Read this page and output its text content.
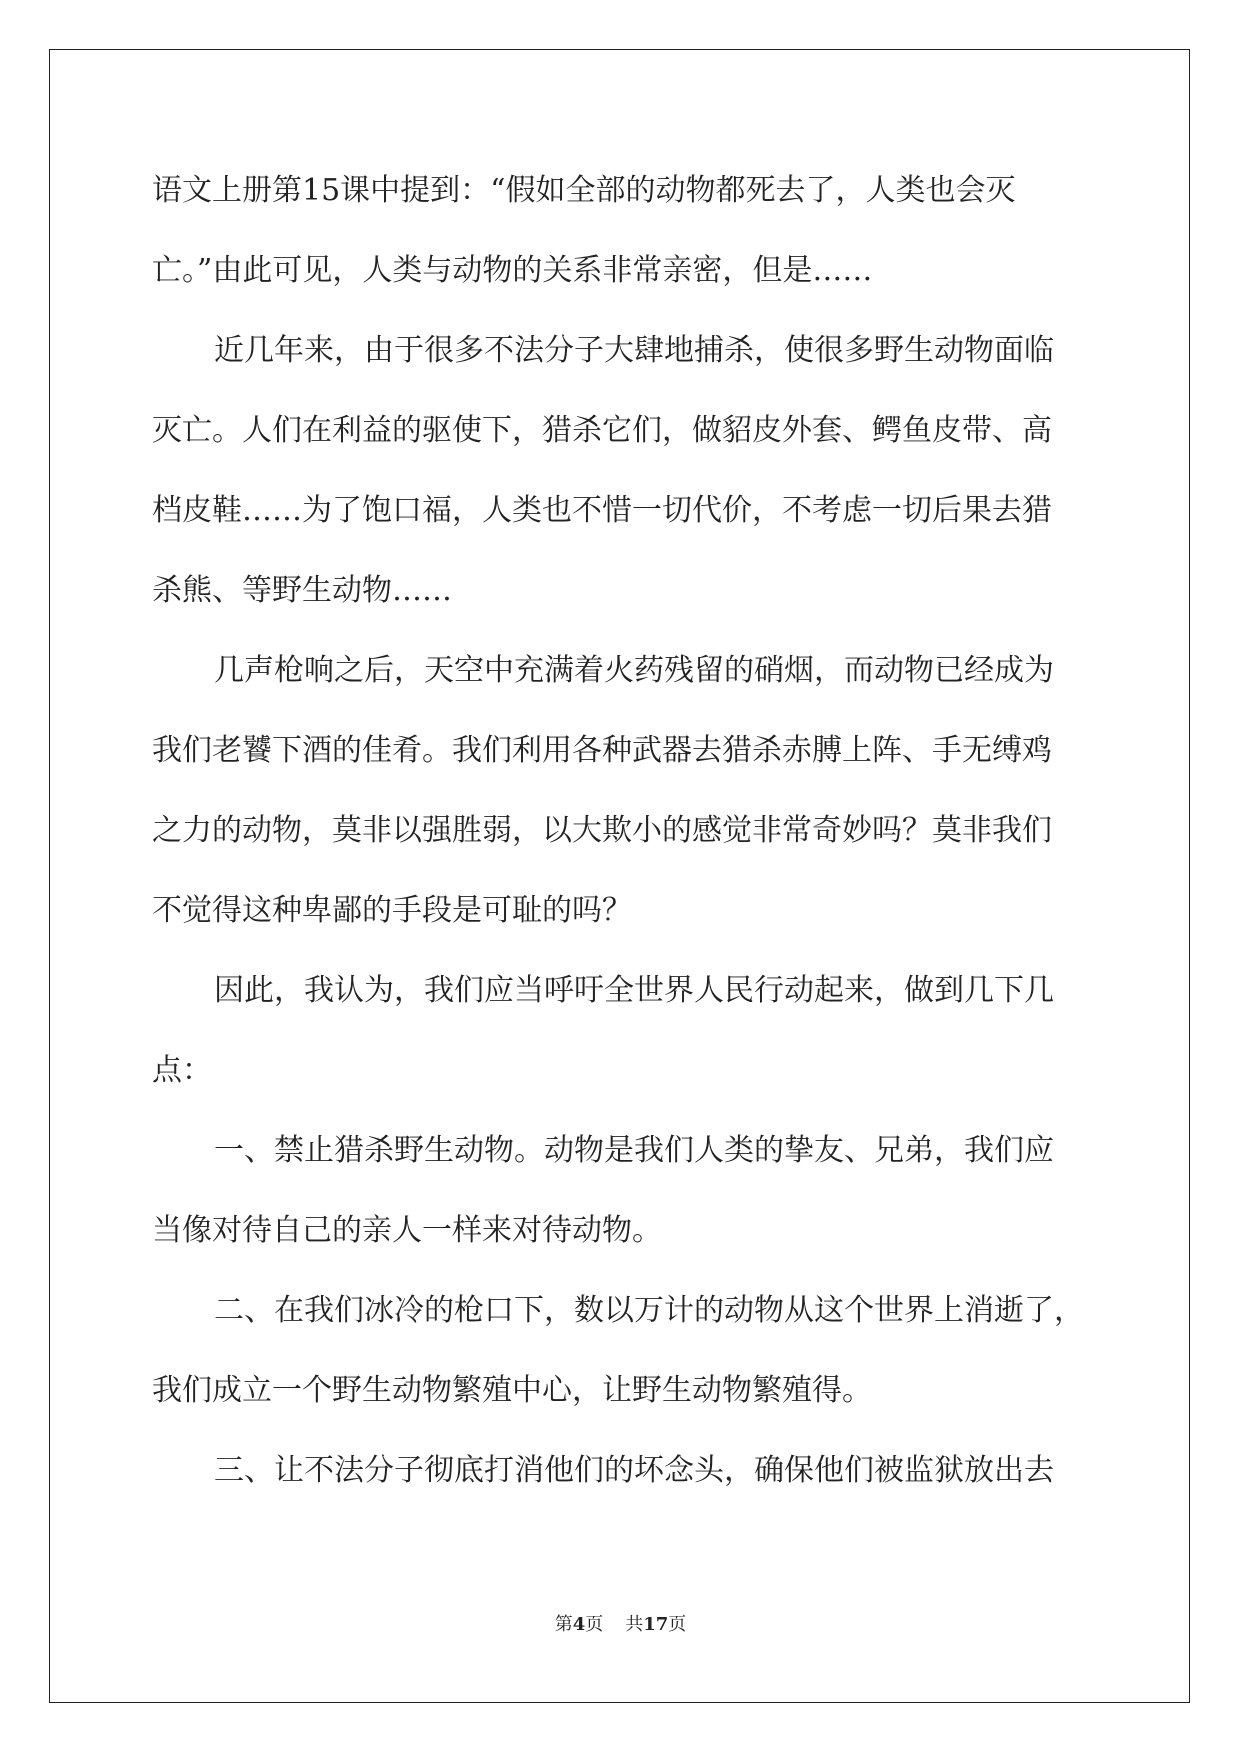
语文上册第15课中提到：“假如全部的动物都死去了，人类也会灭
亡。”由此可见，人类与动物的关系非常亲密，但是……
近几年来，由于很多不法分子大肆地捕杀，使很多野生动物面临
灭亡。人们在利益的驱使下，猎杀它们，做貂皮外套、鳄鱼皮带、高
档皮鞋……为了饱口福，人类也不惜一切代价，不考虑一切后果去猎
杀熊、等野生动物……
几声枪响之后，天空中充满着火药残留的硝烟，而动物已经成为
我们老饕下酒的佳肴。我们利用各种武器去猎杀赤膊上阵、手无缚鸡
之力的动物，莫非以强胜弱，以大欺小的感觉非常奇妙吗？莫非我们
不觉得这种卑鄙的手段是可耻的吗？
因此，我认为，我们应当呼吁全世界人民行动起来，做到几下几
点：
一、禁止猎杀野生动物。动物是我们人类的挚友、兄弟，我们应
当像对待自己的亲人一样来对待动物。
二、在我们冰冷的枪口下，数以万计的动物从这个世界上消逝了，
我们成立一个野生动物繁殖中心，让野生动物繁殖得。
三、让不法分子彻底打消他们的坏念头，确保他们被监狱放出去
第4页 共17页
